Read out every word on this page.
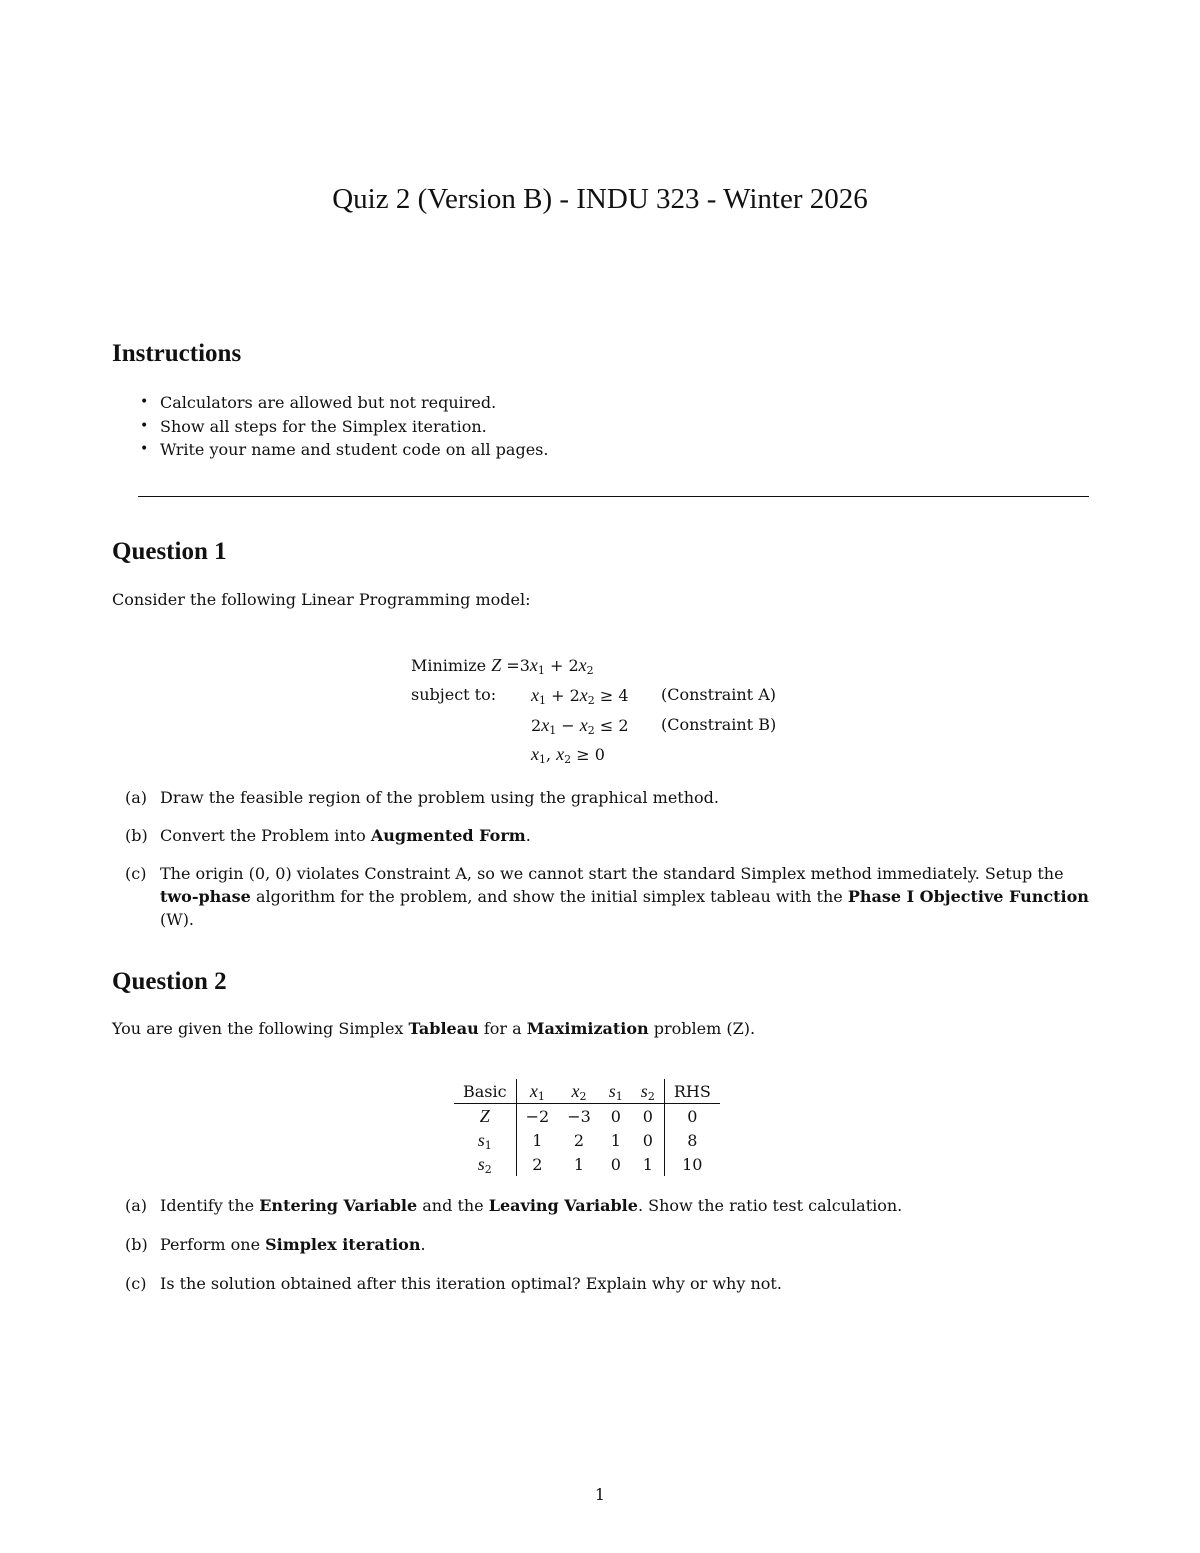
Quiz 2 (Version B) - INDU 323 - Winter 2026
Instructions
• Calculators are allowed but not required.
• Show all steps for the Simplex iteration.
• Write your name and student code on all pages.
Question 1

Consider the following Linear Programming model:

Minimize $Z =3x_1 + 2x_2$
subject to: $x_1 + 2x_2 \ge 4$ (Constraint A)
$2x_1 - x_2 \le 2$ (Constraint B)
$x_1$, $x_2 \ge 0$
(a) Draw the feasible region of the problem using the graphical method.
(b) Convert the Problem into Augmented Form.
(c) The origin (0, 0) violates Constraint A, so we cannot start the standard Simplex method immediately. Setup the two-phase algorithm for the problem, and show the initial simplex tableau with the Phase I Objective Function (W).
Question 2

You are given the following Simplex Tableau for a Maximization problem (Z).

Basic	$x_1$	$x_2$	$s_1$	$s_2$	RHS
Z	−2	−3	0	0	0
$s_1$	1	2	1	0	8
$s_2$	2	1	0	1	10
(a) Identify the Entering Variable and the Leaving Variable. Show the ratio test calculation.
(b) Perform one Simplex iteration.
(c) Is the solution obtained after this iteration optimal? Explain why or why not.
1
